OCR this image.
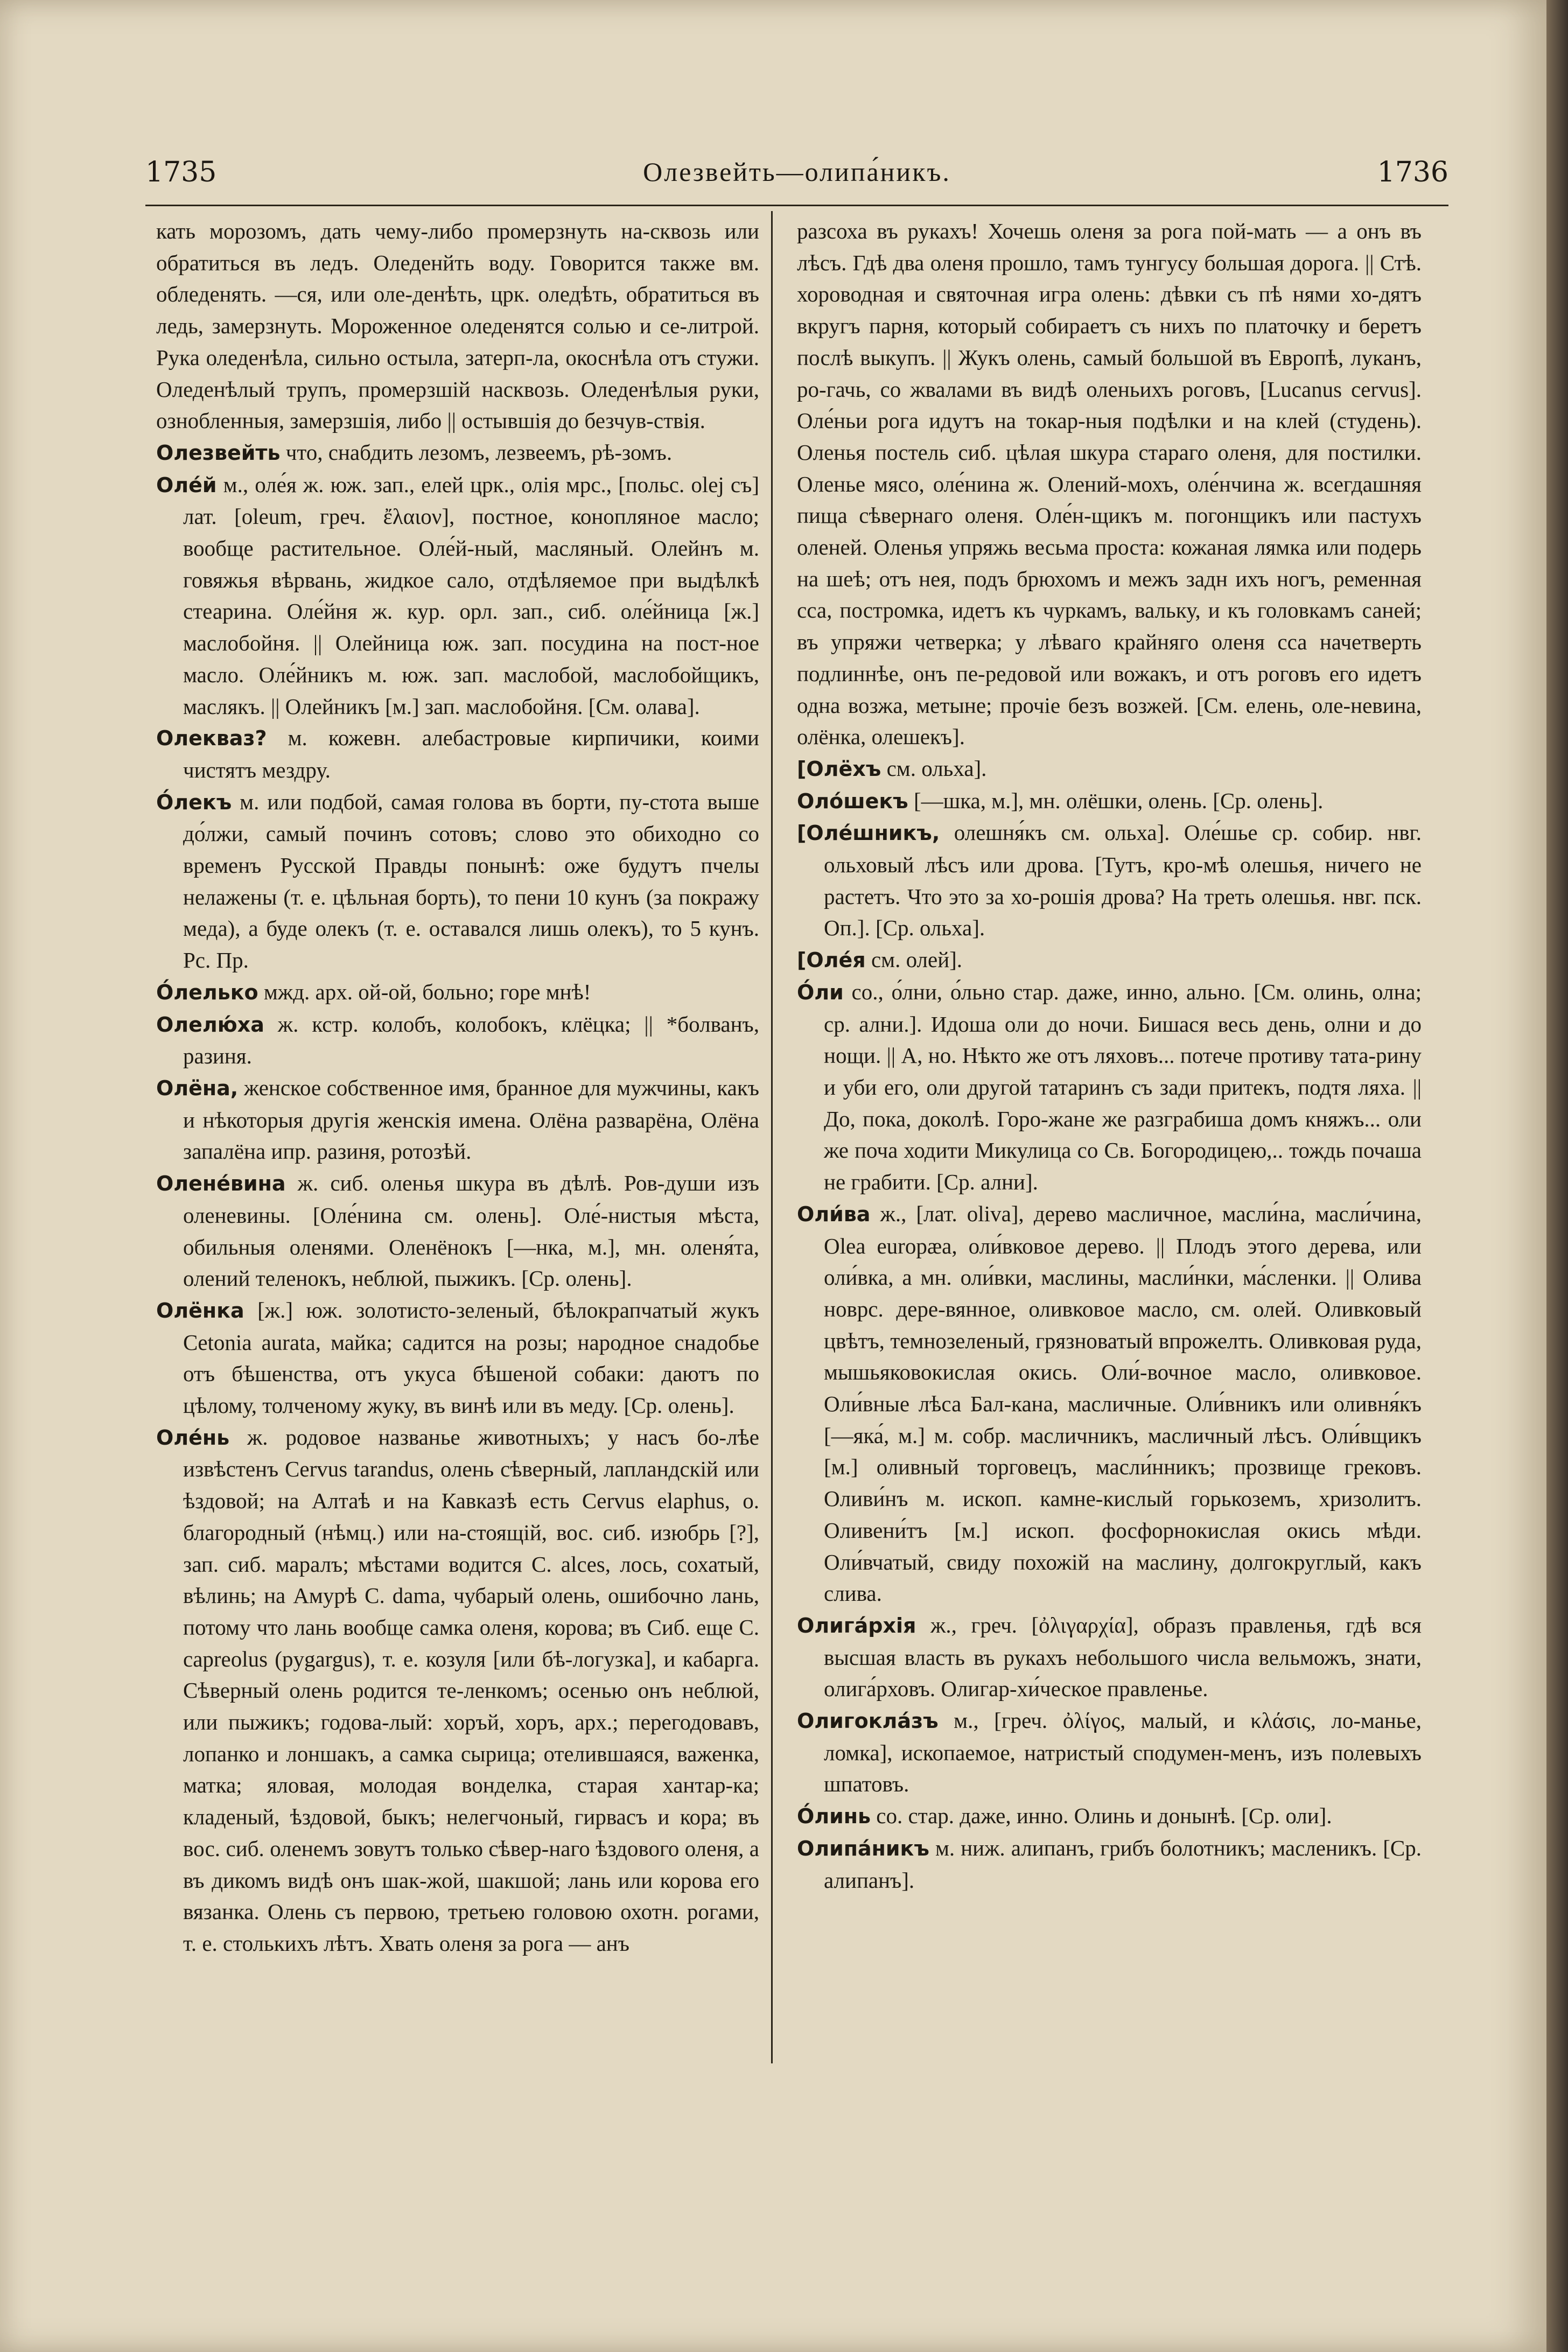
1735	Олезвейть—олипа́никъ.	1736

кать морозомъ, дать чему-либо промерзнуть на-сквозь или обратиться въ ледъ. Оледенйть воду. Говорится также вм. обледенять. —ся, или оле-денѣть, црк. оледѣть, обратиться въ ледь, замерзнуть. Мороженное оледенятся солью и се-литрой. Рука оледенѣла, сильно остыла, затерп-ла, окоснѣла отъ стужи. Оледенѣлый трупъ, промерзшій насквозь. Оледенѣлыя руки, ознобленныя, замерзшія, либо || остывшія до безчув-ствія.

Олезвейть что, снабдить лезомъ, лезвеемъ, рѣ-зомъ.

Оле́й м., оле́я ж. юж. зап., елей црк., олія мрс., [польс. olej съ] лат. [oleum, греч. ἔλαιον], постное, конопляное масло; вообще растительное. Оле́й-ный, масляный. Олейнъ м. говяжья вѣрвань, жидкое сало, отдѣляемое при выдѣлкѣ стеарина. Оле́йня ж. кур. орл. зап., сиб. оле́йница [ж.] маслобойня. || Олейница юж. зап. посудина на пост-ное масло. Оле́йникъ м. юж. зап. маслобой, маслобойщикъ, маслякъ. || Олейникъ [м.] зап. маслобойня. [См. олава].

Олекваз? м. кожевн. алебастровые кирпичики, коими чистятъ мездру.

О́лекъ м. или подбой, самая голова въ борти, пу-стота выше до́лжи, самый починъ сотовъ; слово это обиходно со временъ Русской Правды понынѣ: оже будутъ пчелы нелажены (т. е. цѣльная борть), то пени 10 кунъ (за покражу меда), а буде олекъ (т. е. оставался лишь олекъ), то 5 кунъ. Рс. Пр.

О́лелько мжд. арх. ой-ой, больно; горе мнѣ!

Олелю́ха ж. кстр. колобъ, колобокъ, клёцка; || *болванъ, разиня.

Олёна, женское собственное имя, бранное для мужчины, какъ и нѣкоторыя другія женскія имена. Олёна разварёна, Олёна запалёна ипр. разиня, ротозѣй.

Олене́вина ж. сиб. оленья шкура въ дѣлѣ. Ров-души изъ оленевины. [Оле́нина см. олень]. Оле́-нистыя мѣста, обильныя оленями. Оленёнокъ [—нка, м.], мн. оленя́та, олений теленокъ, неблюй, пыжикъ. [Ср. олень].

Олёнка [ж.] юж. золотисто-зеленый, бѣлокрапчатый жукъ Cetonia aurata, майка; садится на розы; народное снадобье отъ бѣшенства, отъ укуса бѣшеной собаки: даютъ по цѣлому, толченому жуку, въ винѣ или въ меду. [Ср. олень].

Оле́нь ж. родовое названье животныхъ; у насъ бо-лѣе извѣстенъ Cervus tarandus, олень сѣверный, лапландскій или ѣздовой; на Алтаѣ и на Кавказѣ есть Cervus elaphus, о. благородный (нѣмц.) или на-стоящій, вос. сиб. изюбрь [?], зап. сиб. маралъ; мѣстами водится C. alces, лось, сохатый, вѣлинь; на Амурѣ C. dama, чубарый олень, ошибочно лань, потому что лань вообще самка оленя, корова; въ Сиб. еще C. capreolus (pygargus), т. е. козуля [или бѣ-логузка], и кабарга. Сѣверный олень родится те-ленкомъ; осенью онъ неблюй, или пыжикъ; годова-лый: хоръй, хоръ, арх.; перегодовавъ, лопанко и лоншакъ, а самка сырица; отелившаяся, важенка, матка; яловая, молодая вонделка, старая хантар-ка; кладеный, ѣздовой, быкъ; нелегчоный, гирвасъ и кора; въ вос. сиб. оленемъ зовутъ только сѣвер-наго ѣздового оленя, а въ дикомъ видѣ онъ шак-жой, шакшой; лань или корова его вязанка. Олень съ первою, третьею головою охотн. рогами, т. е. столькихъ лѣтъ. Хвать оленя за рога — анъ

разсоха въ рукахъ! Хочешь оленя за рога пой-мать — а онъ въ лѣсъ. Гдѣ два оленя прошло, тамъ тунгусу большая дорога. || Стѣ. хороводная и святочная игра олень: дѣвки съ пѣ нями хо-дятъ вкругъ парня, который собираетъ съ нихъ по платочку и беретъ послѣ выкупъ. || Жукъ олень, самый большой въ Европѣ, луканъ, ро-гачь, со жвалами въ видѣ оленьихъ роговъ, [Lucanus cervus]. Оле́ньи рога идутъ на токар-ныя подѣлки и на клей (студень). Оленья постель сиб. цѣлая шкура стараго оленя, для постилки. Оленье мясо, оле́нина ж. Олений-мохъ, оле́нчина ж. всегдашняя пища сѣвернаго оленя. Оле́н-щикъ м. погонщикъ или пастухъ оленей. Оленья упряжь весьма проста: кожаная лямка или подерь на шеѣ; отъ нея, подъ брюхомъ и межъ задн ихъ ногъ, ременная сса, постромка, идетъ къ чуркамъ, вальку, и къ головкамъ саней; въ упряжи четверка; у лѣваго крайняго оленя сса начетверть подлиннѣе, онъ пе-редовой или вожакъ, и отъ роговъ его идетъ одна возжа, метыне; прочіе безъ возжей. [См. елень, оле-невина, олёнка, олешекъ].

[Олёхъ см. ольха].

Оло́шекъ [—шка, м.], мн. олёшки, олень. [Ср. олень].

[Оле́шникъ, олешня́къ см. ольха]. Оле́шье ср. собир. нвг. ольховый лѣсъ или дрова. [Тутъ, кро-мѣ олешья, ничего не растетъ. Что это за хо-рошія дрова? На треть олешья. нвг. пск. Оп.]. [Ср. ольха].

[Оле́я см. олей].

О́ли со., о́лни, о́льно стар. даже, инно, ально. [См. олинь, олна; ср. ални.]. Идоша оли до ночи. Бишася весь день, олни и до нощи. || А, но. Нѣкто же отъ ляховъ... потече противу тата-рину и уби его, оли другой татаринъ съ зади притекъ, подтя ляха. || До, пока, доколѣ. Горо-жане же разграбиша домъ княжъ... оли же поча ходити Микулица со Св. Богородицею,.. тождь почаша не грабити. [Ср. ални].

Оли́ва ж., [лат. oliva], дерево масличное, масли́на, масли́чина, Olea europæa, оли́вковое дерево. || Плодъ этого дерева, или оли́вка, а мн. оли́вки, маслины, масли́нки, ма́сленки. || Олива новрс. дере-вянное, оливковое масло, см. олей. Оливковый цвѣтъ, темнозеленый, грязноватый впрожелть. Оливковая руда, мышьяковокислая окись. Оли́-вочное масло, оливковое. Оли́вные лѣса Бал-кана, масличные. Оли́вникъ или оливня́къ [—яка́, м.] м. собр. масличникъ, масличный лѣсъ. Оли́вщикъ [м.] оливный торговецъ, масли́нникъ; прозвище грековъ. Оливи́нъ м. ископ. камне-кислый горькоземъ, хризолитъ. Оливени́тъ [м.] ископ. фосфорнокислая окись мѣди. Оли́вчатый, свиду похожій на маслину, долгокруглый, какъ слива.

Олига́рхія ж., греч. [ὀλιγαρχία], образъ правленья, гдѣ вся высшая власть въ рукахъ небольшого числа вельможъ, знати, олига́рховъ. Олигар-хи́ческое правленье.

Олигокла́зъ м., [греч. ὀλίγος, малый, и κλάσις, ло-манье, ломка], ископаемое, натристый сподумен-менъ, изъ полевыхъ шпатовъ.

О́линь со. стар. даже, инно. Олинь и донынѣ. [Ср. оли].

Олипа́никъ м. ниж. алипанъ, грибъ болотникъ; масленикъ. [Ср. алипанъ].
